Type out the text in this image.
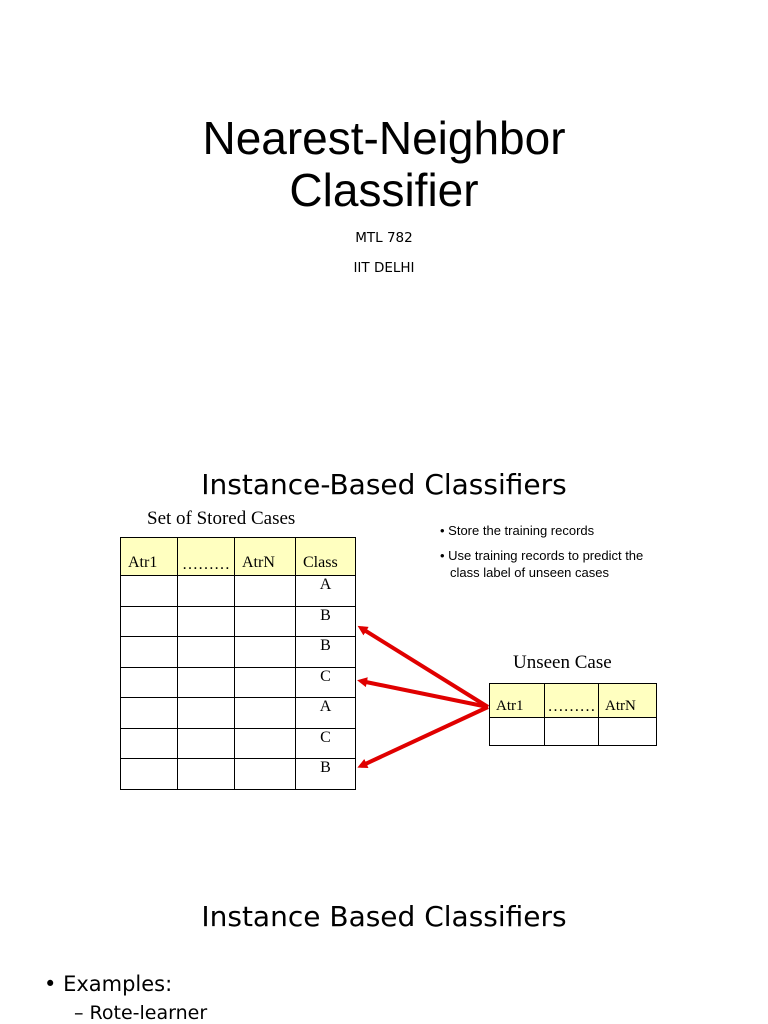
Nearest-Neighbor
Classifier
MTL 782
IIT DELHI
Instance-Based Classifiers
Set of Stored Cases
Atr1	………	AtrN	Class
			A
			B
			B
			C
			A
			C
			B
• Store the training records
• Use training records to predict the class label of unseen cases
Unseen Case
Atr1	………	AtrN

Instance Based Classifiers
• Examples:
– Rote-learner
